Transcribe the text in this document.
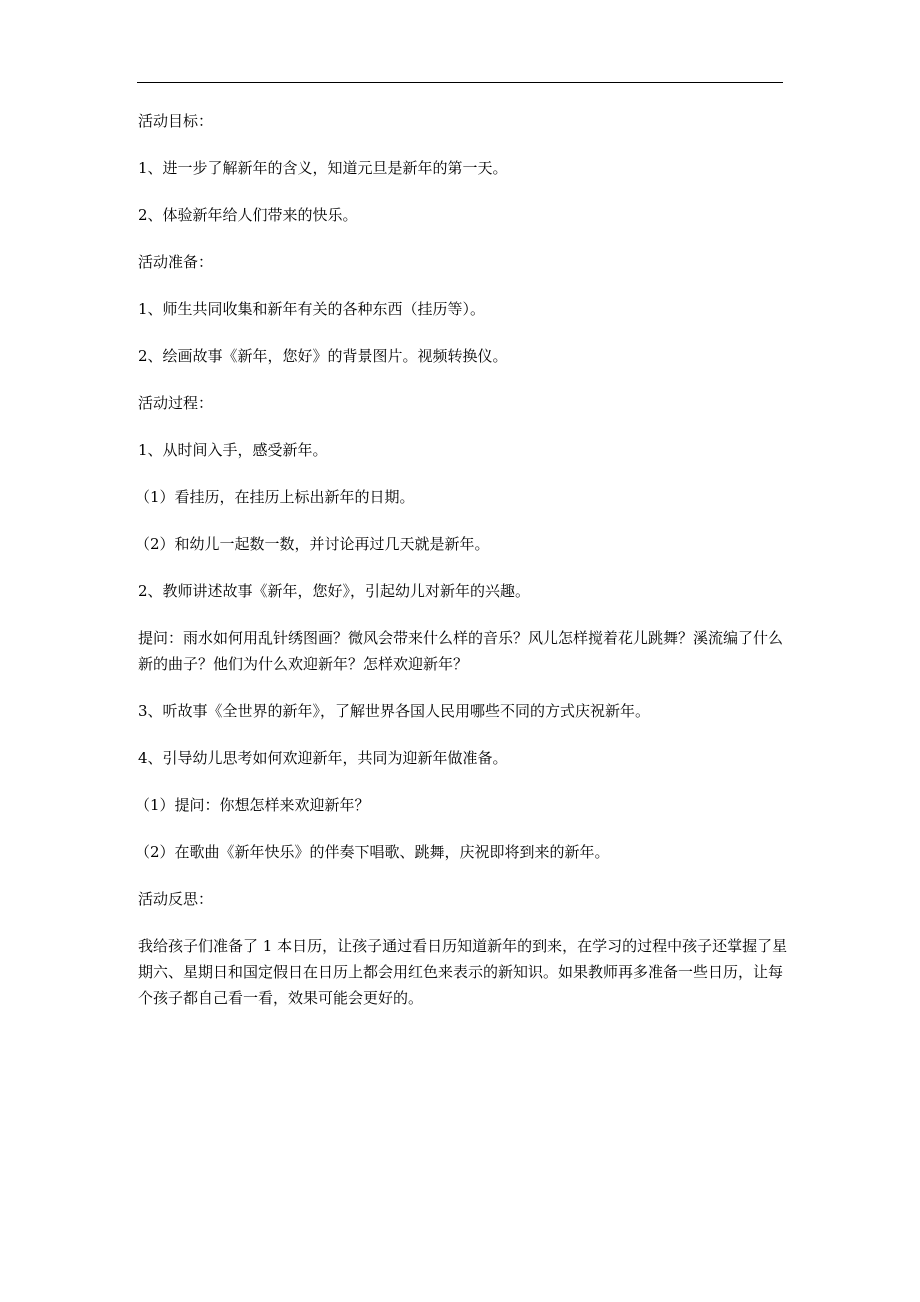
活动目标：

1、进一步了解新年的含义，知道元旦是新年的第一天。

2、体验新年给人们带来的快乐。

活动准备：

1、师生共同收集和新年有关的各种东西（挂历等）。

2、绘画故事《新年，您好》的背景图片。视频转换仪。

活动过程：

1、从时间入手，感受新年。

（1）看挂历，在挂历上标出新年的日期。

（2）和幼儿一起数一数，并讨论再过几天就是新年。

2、教师讲述故事《新年，您好》，引起幼儿对新年的兴趣。

提问：雨水如何用乱针绣图画？微风会带来什么样的音乐？风儿怎样搅着花儿跳舞？溪流编了什么新的曲子？他们为什么欢迎新年？怎样欢迎新年？

3、听故事《全世界的新年》，了解世界各国人民用哪些不同的方式庆祝新年。

4、引导幼儿思考如何欢迎新年，共同为迎新年做准备。

（1）提问：你想怎样来欢迎新年？

（2）在歌曲《新年快乐》的伴奏下唱歌、跳舞，庆祝即将到来的新年。

活动反思：

我给孩子们准备了 1 本日历，让孩子通过看日历知道新年的到来，在学习的过程中孩子还掌握了星期六、星期日和国定假日在日历上都会用红色来表示的新知识。如果教师再多准备一些日历，让每个孩子都自己看一看，效果可能会更好的。
